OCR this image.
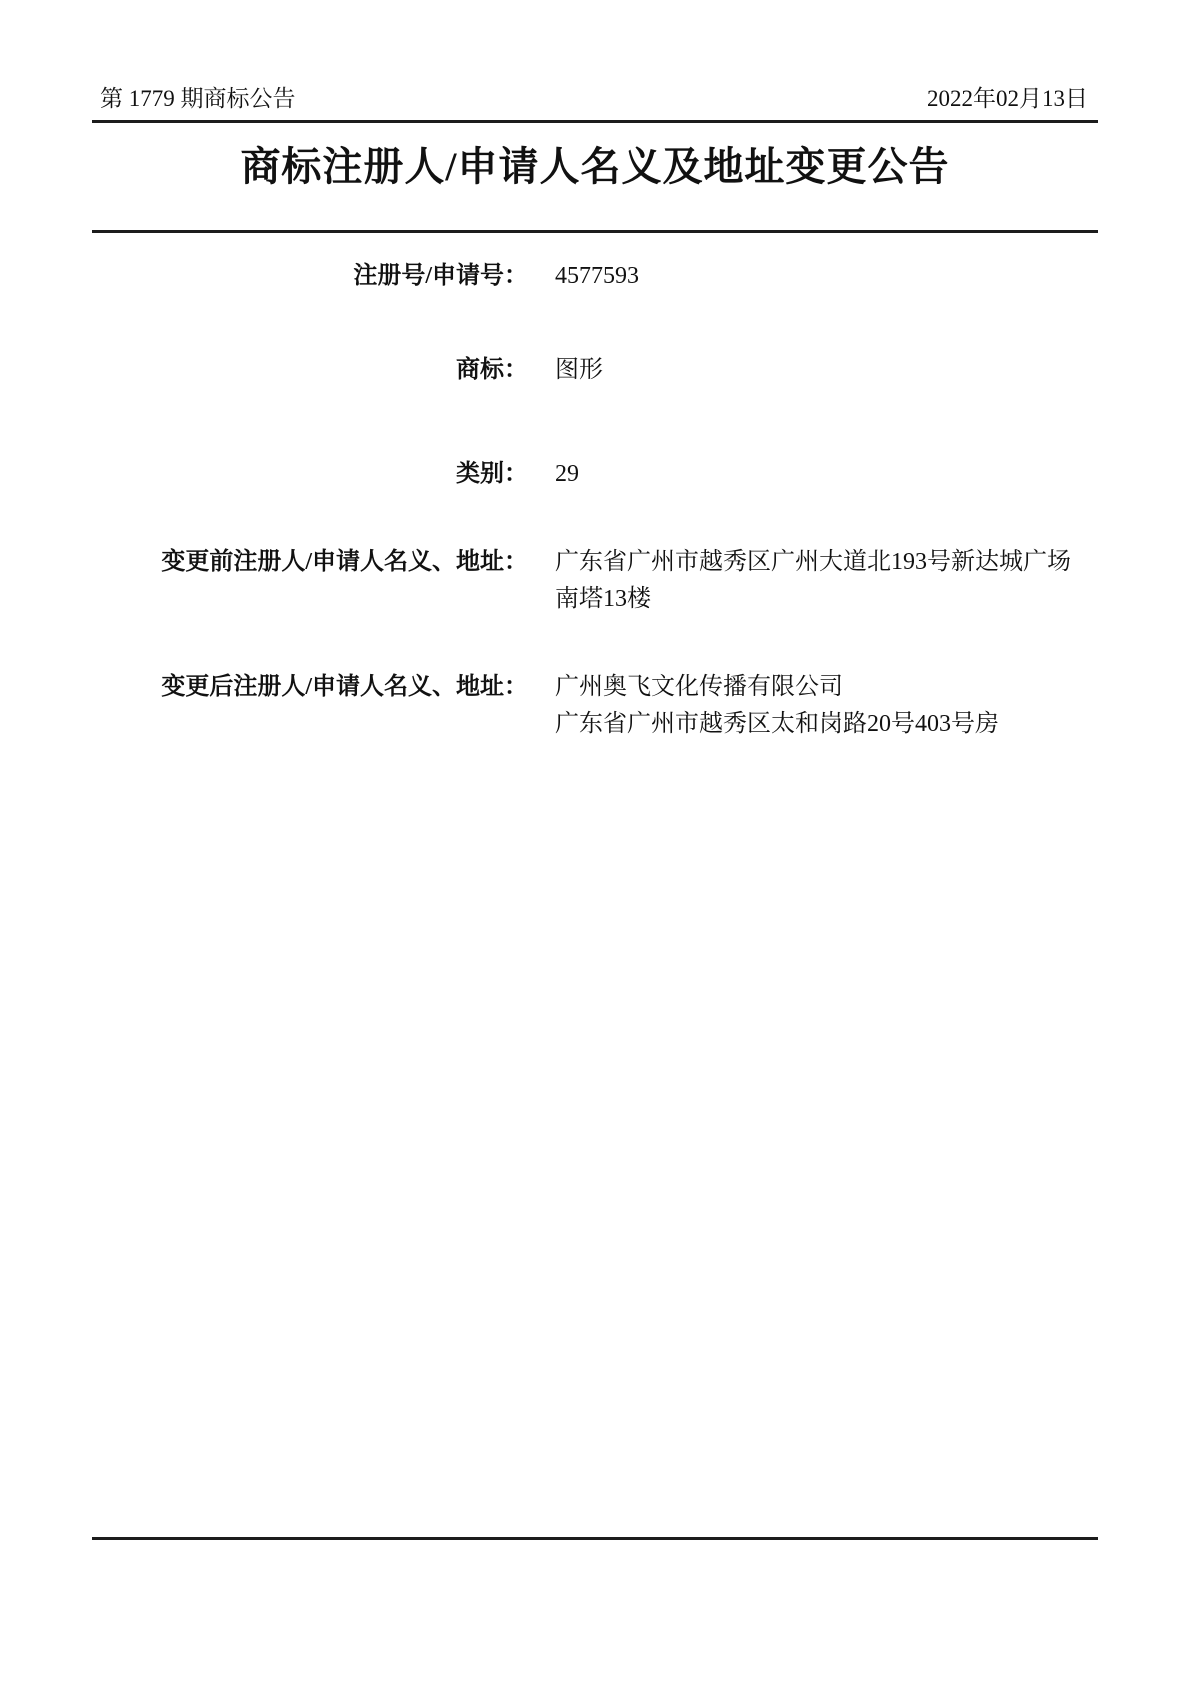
第 1779 期商标公告	2022年02月13日
商标注册人/申请人名义及地址变更公告
注册号/申请号： 4577593
商标： 图形
类别： 29
变更前注册人/申请人名义、地址： 广东省广州市越秀区广州大道北193号新达城广场
南塔13楼
变更后注册人/申请人名义、地址： 广州奥飞文化传播有限公司
广东省广州市越秀区太和岗路20号403号房
